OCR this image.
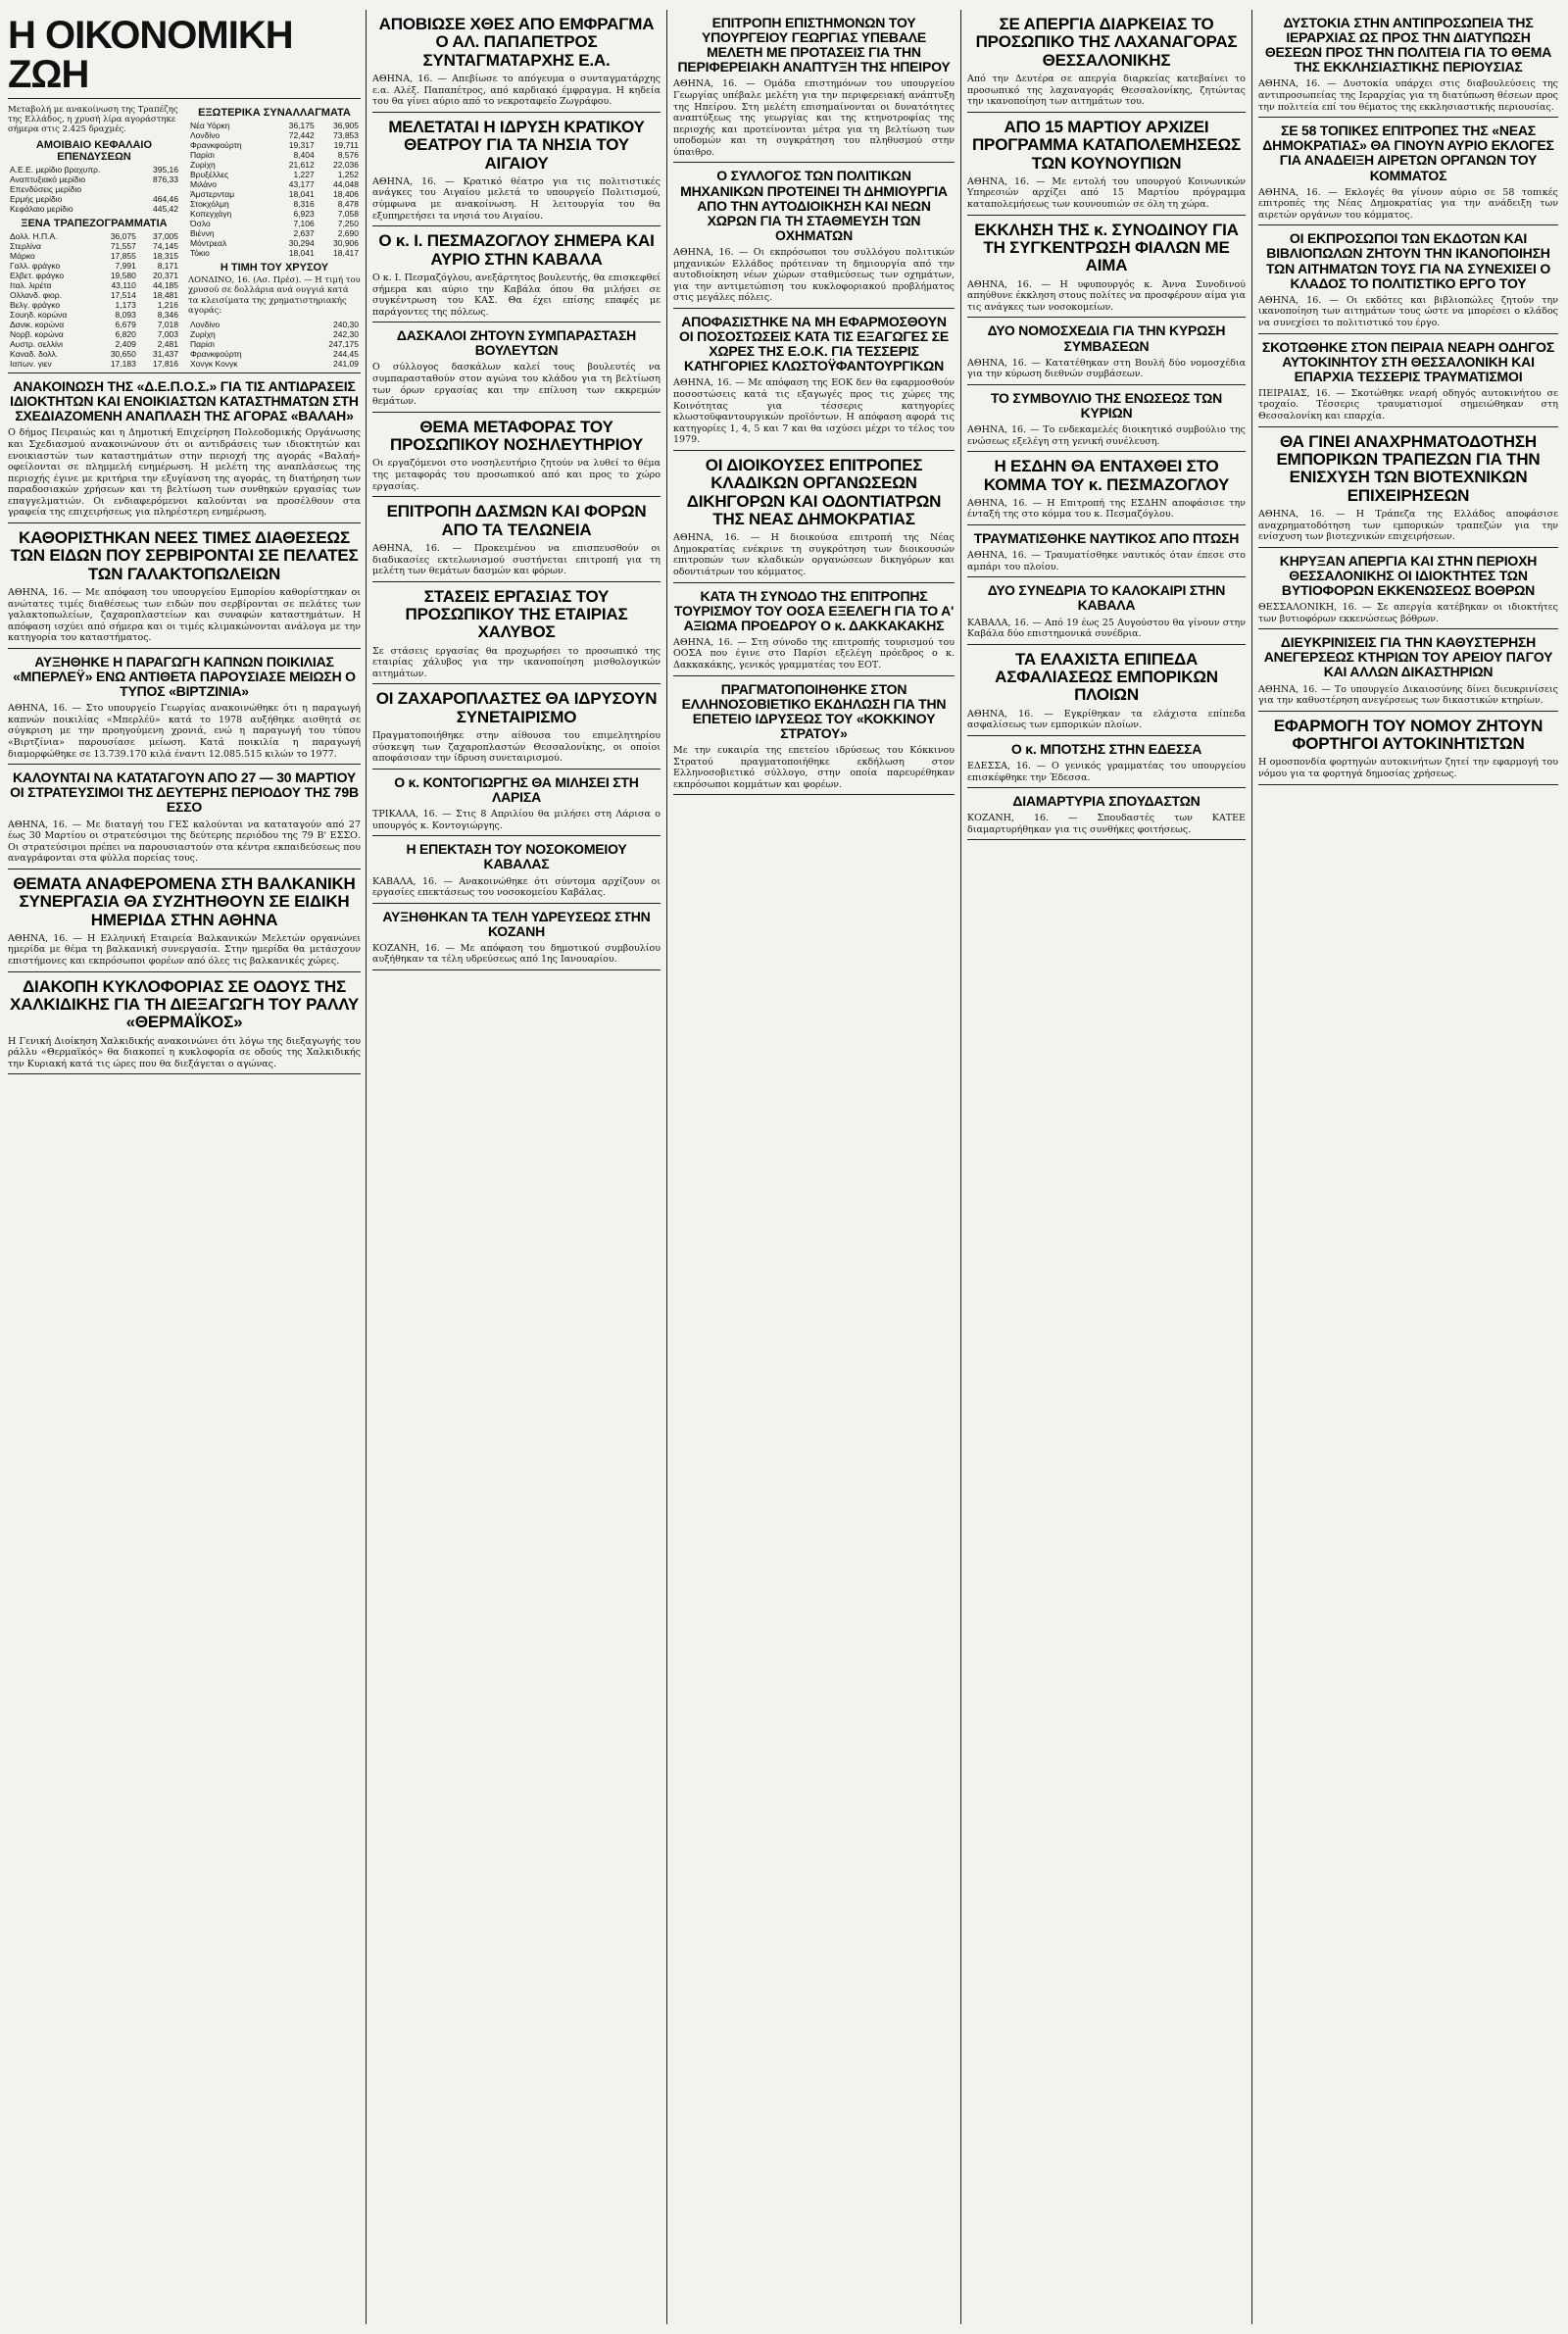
Η ΟΙΚΟΝΟΜΙΚΗ ΖΩΗ
Μεταβολή με ανακοίνωση της Τραπέζης της Ελλάδος, η χρυσή λίρα αγοράστηκε σήμερα στις 2.425 δραχμές.
ΑΜΟΙΒΑΙΟ ΚΕΦΑΛΑΙΟ ΕΠΕΝΔΥΣΕΩΝ
Α.Ε.Ε. μερίδιο βραχυπρ.	395,16
Αναπτυξιακό μερίδιο	876,33
Επενδύσεις μερίδιο	
Ερμής μερίδιο	464,46
Κεφάλαιο μερίδιο	445,42
ΞΕΝΑ ΤΡΑΠΕΖΟΓΡΑΜΜΑΤΙΑ
Δολλ. Η.Π.Α.	36,075	37,005
Στερλίνα	71,557	74,145
Μάρκο	17,855	18,315
Γαλλ. φράγκο	7,991	8,171
Ελβετ. φράγκο	19,580	20,371
Ιταλ. λιρέτα	43,110	44,185
Ολλανδ. φιορ.	17,514	18,481
Βελγ. φράγκο	1,173	1,216
Σουηδ. κορώνα	8,093	8,346
Δανικ. κορώνα	6,679	7,018
Νορβ. κορώνα	6,820	7,003
Αυστρ. σελλίνι	2,409	2,481
Καναδ. δολλ.	30,650	31,437
Ιαπων. γιεν	17,183	17,816
ΕΞΩΤΕΡΙΚΑ ΣΥΝΑΛΛΑΓΜΑΤΑ
Νέα Υόρκη	36,175	36,905
Λονδίνο	72,442	73,853
Φρανκφούρτη	19,317	19,711
Παρίσι	8,404	8,576
Ζυρίχη	21,612	22,036
Βρυξέλλες	1,227	1,252
Μιλάνο	43,177	44,048
Άμστερνταμ	18,041	18,406
Στοκχόλμη	8,316	8,478
Κοπεγχάγη	6,923	7,058
Όσλο	7,106	7,250
Βιέννη	2,637	2,690
Μόντρεαλ	30,294	30,906
Τόκιο	18,041	18,417
Η ΤΙΜΗ ΤΟΥ ΧΡΥΣΟΥ
ΛΟΝΔΙΝΟ, 16. (Ασ. Πρέσ). — Η τιμή του χρυσού σε δολλάρια ανά ουγγιά κατά τα κλεισίματα της χρηματιστηριακής αγοράς:
Λονδίνο	240,30
Ζυρίχη	242,30
Παρίσι	247,175
Φρανκφούρτη	244,45
Χονγκ Κονγκ	241,09
ΑΝΑΚΟΙΝΩΣΗ ΤΗΣ «Δ.Ε.Π.Ο.Σ.» ΓΙΑ ΤΙΣ ΑΝΤΙΔΡΑΣΕΙΣ ΙΔΙΟΚΤΗΤΩΝ ΚΑΙ ΕΝΟΙΚΙΑΣΤΩΝ ΚΑΤΑΣΤΗΜΑΤΩΝ ΣΤΗ ΣΧΕΔΙΑΖΟΜΕΝΗ ΑΝΑΠΛΑΣΗ ΤΗΣ ΑΓΟΡΑΣ «ΒΑΛΑΗ»

Ο δήμος Πειραιώς και η Δημοτική Επιχείρηση Πολεοδομικής Οργάνωσης και Σχεδιασμού ανακοινώνουν ότι οι αντιδράσεις των ιδιοκτητών και ενοικιαστών των καταστημάτων στην περιοχή της αγοράς «Βαλαή» οφείλονται σε πλημμελή ενημέρωση. Η μελέτη της αναπλάσεως της περιοχής έγινε με κριτήρια την εξυγίανση της αγοράς, τη διατήρηση των παραδοσιακών χρήσεων και τη βελτίωση των συνθηκών εργασίας των επαγγελματιών. Οι ενδιαφερόμενοι καλούνται να προσέλθουν στα γραφεία της επιχειρήσεως για πληρέστερη ενημέρωση.

ΚΑΘΟΡΙΣΤΗΚΑΝ ΝΕΕΣ ΤΙΜΕΣ ΔΙΑΘΕΣΕΩΣ ΤΩΝ ΕΙΔΩΝ ΠΟΥ ΣΕΡΒΙΡΟΝΤΑΙ ΣΕ ΠΕΛΑΤΕΣ ΤΩΝ ΓΑΛΑΚΤΟΠΩΛΕΙΩΝ

ΑΘΗΝΑ, 16. — Με απόφαση του υπουργείου Εμπορίου καθορίστηκαν οι ανώτατες τιμές διαθέσεως των ειδών που σερβίρονται σε πελάτες των γαλακτοπωλείων, ζαχαροπλαστείων και συναφών καταστημάτων. Η απόφαση ισχύει από σήμερα και οι τιμές κλιμακώνονται ανάλογα με την κατηγορία του καταστήματος.

ΑΥΞΗΘΗΚΕ Η ΠΑΡΑΓΩΓΗ ΚΑΠΝΩΝ ΠΟΙΚΙΛΙΑΣ «ΜΠΕΡΛΕΫ» ΕΝΩ ΑΝΤΙΘΕΤΑ ΠΑΡΟΥΣΙΑΣΕ ΜΕΙΩΣΗ Ο ΤΥΠΟΣ «ΒΙΡΤΖΙΝΙΑ»

ΑΘΗΝΑ, 16. — Στο υπουργείο Γεωργίας ανακοινώθηκε ότι η παραγωγή καπνών ποικιλίας «Μπερλέϋ» κατά το 1978 αυξήθηκε αισθητά σε σύγκριση με την προηγούμενη χρονιά, ενώ η παραγωγή του τύπου «Βιρτζίνια» παρουσίασε μείωση. Κατά ποικιλία η παραγωγή διαμορφώθηκε σε 13.739.170 κιλά έναντι 12.085.515 κιλών το 1977.

ΚΑΛΟΥΝΤΑΙ ΝΑ ΚΑΤΑΤΑΓΟΥΝ ΑΠΟ 27 — 30 ΜΑΡΤΙΟΥ ΟΙ ΣΤΡΑΤΕΥΣΙΜΟΙ ΤΗΣ ΔΕΥΤΕΡΗΣ ΠΕΡΙΟΔΟΥ ΤΗΣ 79Β ΕΣΣΟ

ΑΘΗΝΑ, 16. — Με διαταγή του ΓΕΣ καλούνται να καταταγούν από 27 έως 30 Μαρτίου οι στρατεύσιμοι της δεύτερης περιόδου της 79 Β' ΕΣΣΟ. Οι στρατεύσιμοι πρέπει να παρουσιαστούν στα κέντρα εκπαιδεύσεως που αναγράφονται στα φύλλα πορείας τους.

ΘΕΜΑΤΑ ΑΝΑΦΕΡΟΜΕΝΑ ΣΤΗ ΒΑΛΚΑΝΙΚΗ ΣΥΝΕΡΓΑΣΙΑ ΘΑ ΣΥΖΗΤΗΘΟΥΝ ΣΕ ΕΙΔΙΚΗ ΗΜΕΡΙΔΑ ΣΤΗΝ ΑΘΗΝΑ

ΑΘΗΝΑ, 16. — Η Ελληνική Εταιρεία Βαλκανικών Μελετών οργανώνει ημερίδα με θέμα τη βαλκανική συνεργασία. Στην ημερίδα θα μετάσχουν επιστήμονες και εκπρόσωποι φορέων από όλες τις βαλκανικές χώρες.

ΔΙΑΚΟΠΗ ΚΥΚΛΟΦΟΡΙΑΣ ΣΕ ΟΔΟΥΣ ΤΗΣ ΧΑΛΚΙΔΙΚΗΣ ΓΙΑ ΤΗ ΔΙΕΞΑΓΩΓΗ ΤΟΥ ΡΑΛΛΥ «ΘΕΡΜΑΪΚΟΣ»

Η Γενική Διοίκηση Χαλκιδικής ανακοινώνει ότι λόγω της διεξαγωγής του ράλλυ «Θερμαϊκός» θα διακοπεί η κυκλοφορία σε οδούς της Χαλκιδικής την Κυριακή κατά τις ώρες που θα διεξάγεται ο αγώνας.

ΑΠΟΒΙΩΣΕ ΧΘΕΣ ΑΠΟ ΕΜΦΡΑΓΜΑ Ο ΑΛ. ΠΑΠΑΠΕΤΡΟΣ ΣΥΝΤΑΓΜΑΤΑΡΧΗΣ Ε.Α.

ΑΘΗΝΑ, 16. — Απεβίωσε το απόγευμα ο συνταγματάρχης ε.α. Αλέξ. Παπαπέτρος, από καρδιακό έμφραγμα. Η κηδεία του θα γίνει αύριο από το νεκροταφείο Ζωγράφου.

ΜΕΛΕΤΑΤΑΙ Η ΙΔΡΥΣΗ ΚΡΑΤΙΚΟΥ ΘΕΑΤΡΟΥ ΓΙΑ ΤΑ ΝΗΣΙΑ ΤΟΥ ΑΙΓΑΙΟΥ

ΑΘΗΝΑ, 16. — Κρατικό θέατρο για τις πολιτιστικές ανάγκες του Αιγαίου μελετά το υπουργείο Πολιτισμού, σύμφωνα με ανακοίνωση. Η λειτουργία του θα εξυπηρετήσει τα νησιά του Αιγαίου.

Ο κ. Ι. ΠΕΣΜΑΖΟΓΛΟΥ ΣΗΜΕΡΑ ΚΑΙ ΑΥΡΙΟ ΣΤΗΝ ΚΑΒΑΛΑ

Ο κ. Ι. Πεσμαζόγλου, ανεξάρτητος βουλευτής, θα επισκεφθεί σήμερα και αύριο την Καβάλα όπου θα μιλήσει σε συγκέντρωση του ΚΑΣ. Θα έχει επίσης επαφές με παράγοντες της πόλεως.

ΔΑΣΚΑΛΟΙ ΖΗΤΟΥΝ ΣΥΜΠΑΡΑΣΤΑΣΗ ΒΟΥΛΕΥΤΩΝ

Ο σύλλογος δασκάλων καλεί τους βουλευτές να συμπαρασταθούν στον αγώνα του κλάδου για τη βελτίωση των όρων εργασίας και την επίλυση των εκκρεμών θεμάτων.

ΘΕΜΑ ΜΕΤΑΦΟΡΑΣ ΤΟΥ ΠΡΟΣΩΠΙΚΟΥ ΝΟΣΗΛΕΥΤΗΡΙΟΥ

Οι εργαζόμενοι στο νοσηλευτήριο ζητούν να λυθεί το θέμα της μεταφοράς του προσωπικού από και προς το χώρο εργασίας.

ΕΠΙΤΡΟΠΗ ΔΑΣΜΩΝ ΚΑΙ ΦΟΡΩΝ ΑΠΟ ΤΑ ΤΕΛΩΝΕΙΑ

ΑΘΗΝΑ, 16. — Προκειμένου να επισπευσθούν οι διαδικασίες εκτελωνισμού συστήνεται επιτροπή για τη μελέτη των θεμάτων δασμών και φόρων.

ΣΤΑΣΕΙΣ ΕΡΓΑΣΙΑΣ ΤΟΥ ΠΡΟΣΩΠΙΚΟΥ ΤΗΣ ΕΤΑΙΡΙΑΣ ΧΑΛΥΒΟΣ

Σε στάσεις εργασίας θα προχωρήσει το προσωπικό της εταιρίας χάλυβος για την ικανοποίηση μισθολογικών αιτημάτων.

ΟΙ ΖΑΧΑΡΟΠΛΑΣΤΕΣ ΘΑ ΙΔΡΥΣΟΥΝ ΣΥΝΕΤΑΙΡΙΣΜΟ

Πραγματοποιήθηκε στην αίθουσα του επιμελητηρίου σύσκεψη των ζαχαροπλαστών Θεσσαλονίκης, οι οποίοι αποφάσισαν την ίδρυση συνεταιρισμού.

Ο κ. ΚΟΝΤΟΓΙΩΡΓΗΣ ΘΑ ΜΙΛΗΣΕΙ ΣΤΗ ΛΑΡΙΣΑ

ΤΡΙΚΑΛΑ, 16. — Στις 8 Απριλίου θα μιλήσει στη Λάρισα ο υπουργός κ. Κοντογιώργης.

Η ΕΠΕΚΤΑΣΗ ΤΟΥ ΝΟΣΟΚΟΜΕΙΟΥ ΚΑΒΑΛΑΣ

ΚΑΒΑΛΑ, 16. — Ανακοινώθηκε ότι σύντομα αρχίζουν οι εργασίες επεκτάσεως του νοσοκομείου Καβάλας.

ΑΥΞΗΘΗΚΑΝ ΤΑ ΤΕΛΗ ΥΔΡΕΥΣΕΩΣ ΣΤΗΝ ΚΟΖΑΝΗ

ΚΟΖΑΝΗ, 16. — Με απόφαση του δημοτικού συμβουλίου αυξήθηκαν τα τέλη υδρεύσεως από 1ης Ιανουαρίου.

ΕΠΙΤΡΟΠΗ ΕΠΙΣΤΗΜΟΝΩΝ ΤΟΥ ΥΠΟΥΡΓΕΙΟΥ ΓΕΩΡΓΙΑΣ ΥΠΕΒΑΛΕ ΜΕΛΕΤΗ ΜΕ ΠΡΟΤΑΣΕΙΣ ΓΙΑ ΤΗΝ ΠΕΡΙΦΕΡΕΙΑΚΗ ΑΝΑΠΤΥΞΗ ΤΗΣ ΗΠΕΙΡΟΥ

ΑΘΗΝΑ, 16. — Ομάδα επιστημόνων του υπουργείου Γεωργίας υπέβαλε μελέτη για την περιφερειακή ανάπτυξη της Ηπείρου. Στη μελέτη επισημαίνονται οι δυνατότητες αναπτύξεως της γεωργίας και της κτηνοτροφίας της περιοχής και προτείνονται μέτρα για τη βελτίωση των υποδομών και τη συγκράτηση του πληθυσμού στην ύπαιθρο.

Ο ΣΥΛΛΟΓΟΣ ΤΩΝ ΠΟΛΙΤΙΚΩΝ ΜΗΧΑΝΙΚΩΝ ΠΡΟΤΕΙΝΕΙ ΤΗ ΔΗΜΙΟΥΡΓΙΑ ΑΠΟ ΤΗΝ ΑΥΤΟΔΙΟΙΚΗΣΗ ΚΑΙ ΝΕΩΝ ΧΩΡΩΝ ΓΙΑ ΤΗ ΣΤΑΘΜΕΥΣΗ ΤΩΝ ΟΧΗΜΑΤΩΝ

ΑΘΗΝΑ, 16. — Οι εκπρόσωποι του συλλόγου πολιτικών μηχανικών Ελλάδος πρότειναν τη δημιουργία από την αυτοδιοίκηση νέων χώρων σταθμεύσεως των οχημάτων, για την αντιμετώπιση του κυκλοφοριακού προβλήματος στις μεγάλες πόλεις.

ΑΠΟΦΑΣΙΣΤΗΚΕ ΝΑ ΜΗ ΕΦΑΡΜΟΣΘΟΥΝ ΟΙ ΠΟΣΟΣΤΩΣΕΙΣ ΚΑΤΑ ΤΙΣ ΕΞΑΓΩΓΕΣ ΣΕ ΧΩΡΕΣ ΤΗΣ Ε.Ο.Κ. ΓΙΑ ΤΕΣΣΕΡΙΣ ΚΑΤΗΓΟΡΙΕΣ ΚΛΩΣΤΟΫΦΑΝΤΟΥΡΓΙΚΩΝ

ΑΘΗΝΑ, 16. — Με απόφαση της ΕΟΚ δεν θα εφαρμοσθούν ποσοστώσεις κατά τις εξαγωγές προς τις χώρες της Κοινότητας για τέσσερις κατηγορίες κλωστοϋφαντουργικών προϊόντων. Η απόφαση αφορά τις κατηγορίες 1, 4, 5 και 7 και θα ισχύσει μέχρι το τέλος του 1979.

ΟΙ ΔΙΟΙΚΟΥΣΕΣ ΕΠΙΤΡΟΠΕΣ ΚΛΑΔΙΚΩΝ ΟΡΓΑΝΩΣΕΩΝ ΔΙΚΗΓΟΡΩΝ ΚΑΙ ΟΔΟΝΤΙΑΤΡΩΝ ΤΗΣ ΝΕΑΣ ΔΗΜΟΚΡΑΤΙΑΣ

ΑΘΗΝΑ, 16. — Η διοικούσα επιτροπή της Νέας Δημοκρατίας ενέκρινε τη συγκρότηση των διοικουσών επιτροπών των κλαδικών οργανώσεων δικηγόρων και οδοντιάτρων του κόμματος.

ΚΑΤΑ ΤΗ ΣΥΝΟΔΟ ΤΗΣ ΕΠΙΤΡΟΠΗΣ ΤΟΥΡΙΣΜΟΥ ΤΟΥ ΟΟΣΑ ΕΞΕΛΕΓΗ ΓΙΑ ΤΟ Α' ΑΞΙΩΜΑ ΠΡΟΕΔΡΟΥ Ο κ. ΔΑΚΚΑΚΑΚΗΣ

ΑΘΗΝΑ, 16. — Στη σύνοδο της επιτροπής τουρισμού του ΟΟΣΑ που έγινε στο Παρίσι εξελέγη πρόεδρος ο κ. Δακκακάκης, γενικός γραμματέας του ΕΟΤ.

ΠΡΑΓΜΑΤΟΠΟΙΗΘΗΚΕ ΣΤΟΝ ΕΛΛΗΝΟΣΟΒΙΕΤΙΚΟ ΕΚΔΗΛΩΣΗ ΓΙΑ ΤΗΝ ΕΠΕΤΕΙΟ ΙΔΡΥΣΕΩΣ ΤΟΥ «ΚΟΚΚΙΝΟΥ ΣΤΡΑΤΟΥ»

Με την ευκαιρία της επετείου ιδρύσεως του Κόκκινου Στρατού πραγματοποιήθηκε εκδήλωση στον Ελληνοσοβιετικό σύλλογο, στην οποία παρευρέθηκαν εκπρόσωποι κομμάτων και φορέων.

ΣΕ ΑΠΕΡΓΙΑ ΔΙΑΡΚΕΙΑΣ ΤΟ ΠΡΟΣΩΠΙΚΟ ΤΗΣ ΛΑΧΑΝΑΓΟΡΑΣ ΘΕΣΣΑΛΟΝΙΚΗΣ

Από την Δευτέρα σε απεργία διαρκείας κατεβαίνει το προσωπικό της λαχαναγοράς Θεσσαλονίκης, ζητώντας την ικανοποίηση των αιτημάτων του.

ΑΠΟ 15 ΜΑΡΤΙΟΥ ΑΡΧΙΖΕΙ ΠΡΟΓΡΑΜΜΑ ΚΑΤΑΠΟΛΕΜΗΣΕΩΣ ΤΩΝ ΚΟΥΝΟΥΠΙΩΝ

ΑΘΗΝΑ, 16. — Με εντολή του υπουργού Κοινωνικών Υπηρεσιών αρχίζει από 15 Μαρτίου πρόγραμμα καταπολεμήσεως των κουνουπιών σε όλη τη χώρα.

ΕΚΚΛΗΣΗ ΤΗΣ κ. ΣΥΝΟΔΙΝΟΥ ΓΙΑ ΤΗ ΣΥΓΚΕΝΤΡΩΣΗ ΦΙΑΛΩΝ ΜΕ ΑΙΜΑ

ΑΘΗΝΑ, 16. — Η υφυπουργός κ. Άννα Συνοδινού απηύθυνε έκκληση στους πολίτες να προσφέρουν αίμα για τις ανάγκες των νοσοκομείων.

ΔΥΟ ΝΟΜΟΣΧΕΔΙΑ ΓΙΑ ΤΗΝ ΚΥΡΩΣΗ ΣΥΜΒΑΣΕΩΝ

ΑΘΗΝΑ, 16. — Κατατέθηκαν στη Βουλή δύο νομοσχέδια για την κύρωση διεθνών συμβάσεων.

ΤΟ ΣΥΜΒΟΥΛΙΟ ΤΗΣ ΕΝΩΣΕΩΣ ΤΩΝ ΚΥΡΙΩΝ

ΑΘΗΝΑ, 16. — Το ενδεκαμελές διοικητικό συμβούλιο της ενώσεως εξελέγη στη γενική συνέλευση.

Η ΕΣΔΗΝ ΘΑ ΕΝΤΑΧΘΕΙ ΣΤΟ ΚΟΜΜΑ ΤΟΥ κ. ΠΕΣΜΑΖΟΓΛΟΥ

ΑΘΗΝΑ, 16. — Η Επιτροπή της ΕΣΔΗΝ αποφάσισε την ένταξή της στο κόμμα του κ. Πεσμαζόγλου.

ΤΡΑΥΜΑΤΙΣΘΗΚΕ ΝΑΥΤΙΚΟΣ ΑΠΟ ΠΤΩΣΗ

ΑΘΗΝΑ, 16. — Τραυματίσθηκε ναυτικός όταν έπεσε στο αμπάρι του πλοίου.

ΔΥΟ ΣΥΝΕΔΡΙΑ ΤΟ ΚΑΛΟΚΑΙΡΙ ΣΤΗΝ ΚΑΒΑΛΑ

ΚΑΒΑΛΑ, 16. — Από 19 έως 25 Αυγούστου θα γίνουν στην Καβάλα δύο επιστημονικά συνέδρια.

ΤΑ ΕΛΑΧΙΣΤΑ ΕΠΙΠΕΔΑ ΑΣΦΑΛΙΑΣΕΩΣ ΕΜΠΟΡΙΚΩΝ ΠΛΟΙΩΝ

ΑΘΗΝΑ, 16. — Εγκρίθηκαν τα ελάχιστα επίπεδα ασφαλίσεως των εμπορικών πλοίων.

Ο κ. ΜΠΟΤΣΗΣ ΣΤΗΝ ΕΔΕΣΣΑ

ΕΔΕΣΣΑ, 16. — Ο γενικός γραμματέας του υπουργείου επισκέφθηκε την Έδεσσα.

ΔΙΑΜΑΡΤΥΡΙΑ ΣΠΟΥΔΑΣΤΩΝ

ΚΟΖΑΝΗ, 16. — Σπουδαστές των ΚΑΤΕΕ διαμαρτυρήθηκαν για τις συνθήκες φοιτήσεως.

ΔΥΣΤΟΚΙΑ ΣΤΗΝ ΑΝΤΙΠΡΟΣΩΠΕΙΑ ΤΗΣ ΙΕΡΑΡΧΙΑΣ ΩΣ ΠΡΟΣ ΤΗΝ ΔΙΑΤΥΠΩΣΗ ΘΕΣΕΩΝ ΠΡΟΣ ΤΗΝ ΠΟΛΙΤΕΙΑ ΓΙΑ ΤΟ ΘΕΜΑ ΤΗΣ ΕΚΚΛΗΣΙΑΣΤΙΚΗΣ ΠΕΡΙΟΥΣΙΑΣ

ΑΘΗΝΑ, 16. — Δυστοκία υπάρχει στις διαβουλεύσεις της αντιπροσωπείας της Ιεραρχίας για τη διατύπωση θέσεων προς την πολιτεία επί του θέματος της εκκλησιαστικής περιουσίας.

ΣΕ 58 ΤΟΠΙΚΕΣ ΕΠΙΤΡΟΠΕΣ ΤΗΣ «ΝΕΑΣ ΔΗΜΟΚΡΑΤΙΑΣ» ΘΑ ΓΙΝΟΥΝ ΑΥΡΙΟ ΕΚΛΟΓΕΣ ΓΙΑ ΑΝΑΔΕΙΞΗ ΑΙΡΕΤΩΝ ΟΡΓΑΝΩΝ ΤΟΥ ΚΟΜΜΑΤΟΣ

ΑΘΗΝΑ, 16. — Εκλογές θα γίνουν αύριο σε 58 τοπικές επιτροπές της Νέας Δημοκρατίας για την ανάδειξη των αιρετών οργάνων του κόμματος.

ΟΙ ΕΚΠΡΟΣΩΠΟΙ ΤΩΝ ΕΚΔΟΤΩΝ ΚΑΙ ΒΙΒΛΙΟΠΩΛΩΝ ΖΗΤΟΥΝ ΤΗΝ ΙΚΑΝΟΠΟΙΗΣΗ ΤΩΝ ΑΙΤΗΜΑΤΩΝ ΤΟΥΣ ΓΙΑ ΝΑ ΣΥΝΕΧΙΣΕΙ Ο ΚΛΑΔΟΣ ΤΟ ΠΟΛΙΤΙΣΤΙΚΟ ΕΡΓΟ ΤΟΥ

ΑΘΗΝΑ, 16. — Οι εκδότες και βιβλιοπώλες ζητούν την ικανοποίηση των αιτημάτων τους ώστε να μπορέσει ο κλάδος να συνεχίσει το πολιτιστικό του έργο.

ΣΚΟΤΩΘΗΚΕ ΣΤΟΝ ΠΕΙΡΑΙΑ ΝΕΑΡΗ ΟΔΗΓΟΣ ΑΥΤΟΚΙΝΗΤΟΥ ΣΤΗ ΘΕΣΣΑΛΟΝΙΚΗ ΚΑΙ ΕΠΑΡΧΙΑ ΤΕΣΣΕΡΙΣ ΤΡΑΥΜΑΤΙΣΜΟΙ

ΠΕΙΡΑΙΑΣ, 16. — Σκοτώθηκε νεαρή οδηγός αυτοκινήτου σε τροχαίο. Τέσσερις τραυματισμοί σημειώθηκαν στη Θεσσαλονίκη και επαρχία.

ΘΑ ΓΙΝΕΙ ΑΝΑΧΡΗΜΑΤΟΔΟΤΗΣΗ ΕΜΠΟΡΙΚΩΝ ΤΡΑΠΕΖΩΝ ΓΙΑ ΤΗΝ ΕΝΙΣΧΥΣΗ ΤΩΝ ΒΙΟΤΕΧΝΙΚΩΝ ΕΠΙΧΕΙΡΗΣΕΩΝ

ΑΘΗΝΑ, 16. — Η Τράπεζα της Ελλάδος αποφάσισε αναχρηματοδότηση των εμπορικών τραπεζών για την ενίσχυση των βιοτεχνικών επιχειρήσεων.

ΚΗΡΥΞΑΝ ΑΠΕΡΓΙΑ ΚΑΙ ΣΤΗΝ ΠΕΡΙΟΧΗ ΘΕΣΣΑΛΟΝΙΚΗΣ ΟΙ ΙΔΙΟΚΤΗΤΕΣ ΤΩΝ ΒΥΤΙΟΦΟΡΩΝ ΕΚΚΕΝΩΣΕΩΣ ΒΟΘΡΩΝ

ΘΕΣΣΑΛΟΝΙΚΗ, 16. — Σε απεργία κατέβηκαν οι ιδιοκτήτες των βυτιοφόρων εκκενώσεως βόθρων.

ΔΙΕΥΚΡΙΝΙΣΕΙΣ ΓΙΑ ΤΗΝ ΚΑΘΥΣΤΕΡΗΣΗ ΑΝΕΓΕΡΣΕΩΣ ΚΤΗΡΙΩΝ ΤΟΥ ΑΡΕΙΟΥ ΠΑΓΟΥ ΚΑΙ ΑΛΛΩΝ ΔΙΚΑΣΤΗΡΙΩΝ

ΑΘΗΝΑ, 16. — Το υπουργείο Δικαιοσύνης δίνει διευκρινίσεις για την καθυστέρηση ανεγέρσεως των δικαστικών κτηρίων.

ΕΦΑΡΜΟΓΗ ΤΟΥ ΝΟΜΟΥ ΖΗΤΟΥΝ ΦΟΡΤΗΓΟΙ ΑΥΤΟΚΙΝΗΤΙΣΤΩΝ

Η ομοσπονδία φορτηγών αυτοκινήτων ζητεί την εφαρμογή του νόμου για τα φορτηγά δημοσίας χρήσεως.
